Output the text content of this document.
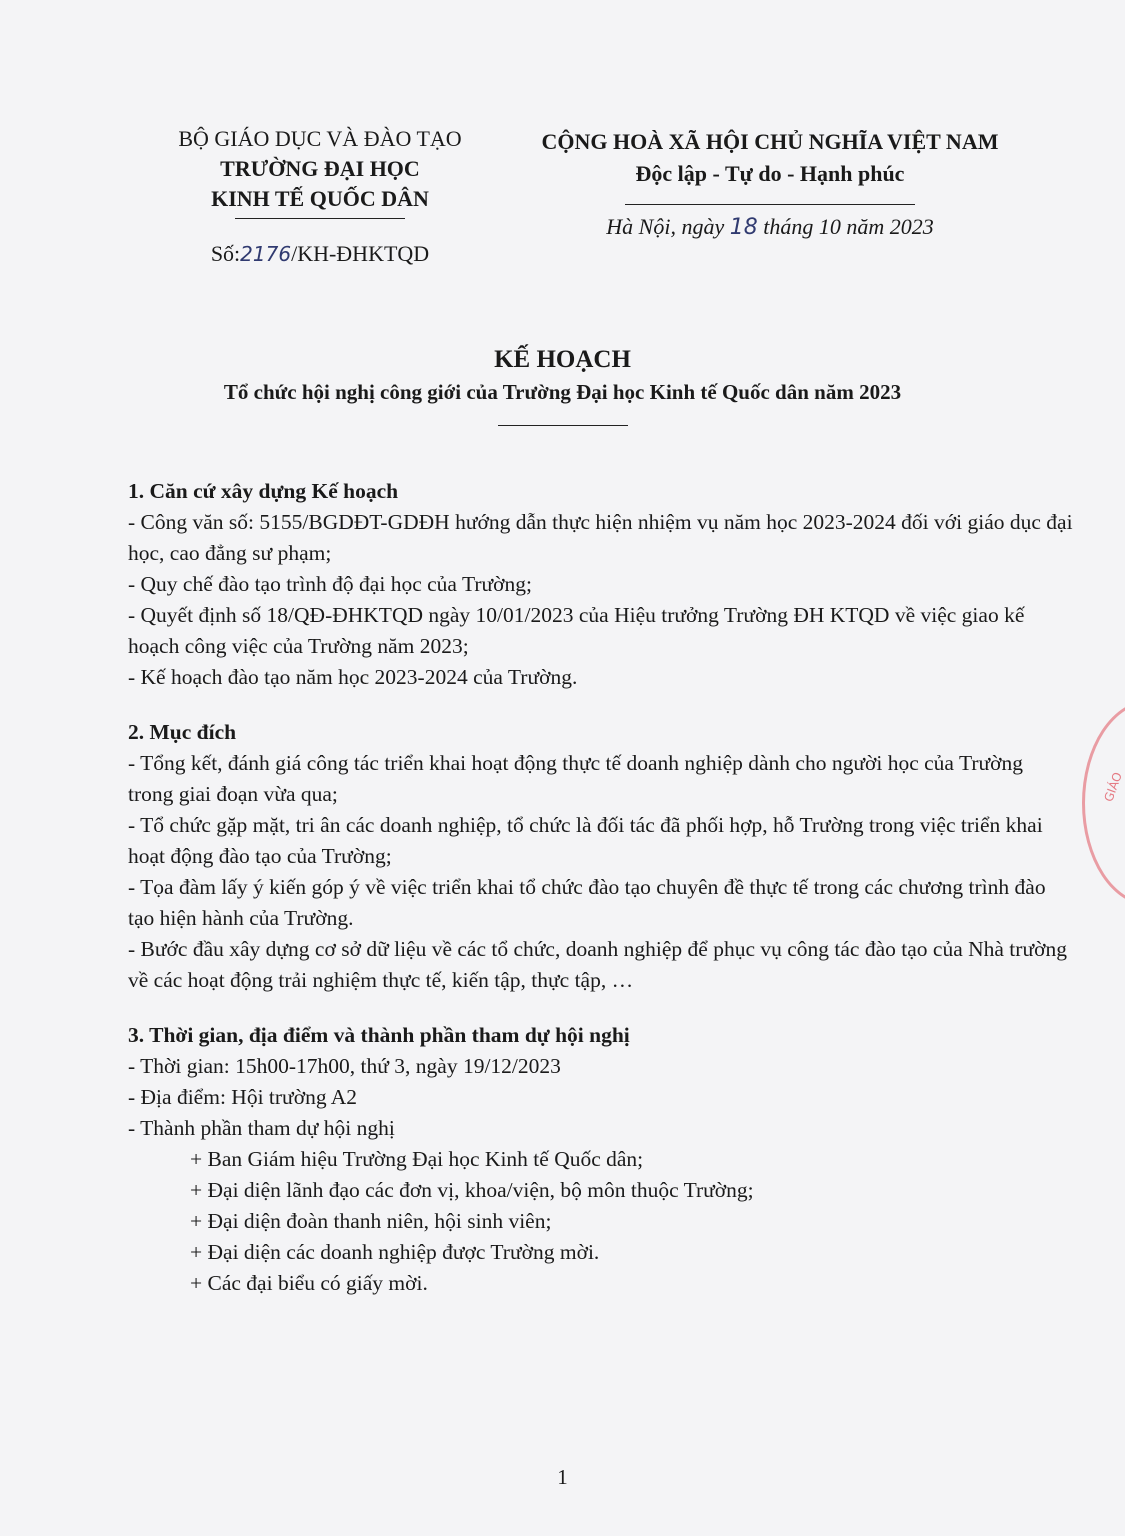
BỘ GIÁO DỤC VÀ ĐÀO TẠO
TRƯỜNG ĐẠI HỌC
KINH TẾ QUỐC DÂN
Số:2176/KH-ĐHKTQD
CỘNG HOÀ XÃ HỘI CHỦ NGHĨA VIỆT NAM
Độc lập - Tự do - Hạnh phúc
Hà Nội, ngày 18 tháng 10 năm 2023
KẾ HOẠCH
Tổ chức hội nghị công giới của Trường Đại học Kinh tế Quốc dân năm 2023
1. Căn cứ xây dựng Kế hoạch
- Công văn số: 5155/BGDĐT-GDĐH hướng dẫn thực hiện nhiệm vụ năm học 2023-2024 đối với giáo dục đại học, cao đẳng sư phạm;
- Quy chế đào tạo trình độ đại học của Trường;
- Quyết định số 18/QĐ-ĐHKTQD ngày 10/01/2023 của Hiệu trưởng Trường ĐH KTQD về việc giao kế hoạch công việc của Trường năm 2023;
- Kế hoạch đào tạo năm học 2023-2024 của Trường.
2. Mục đích
- Tổng kết, đánh giá công tác triển khai hoạt động thực tế doanh nghiệp dành cho người học của Trường trong giai đoạn vừa qua;
- Tổ chức gặp mặt, tri ân các doanh nghiệp, tổ chức là đối tác đã phối hợp, hỗ Trường trong việc triển khai hoạt động đào tạo của Trường;
- Tọa đàm lấy ý kiến góp ý về việc triển khai tổ chức đào tạo chuyên đề thực tế trong các chương trình đào tạo hiện hành của Trường.
- Bước đầu xây dựng cơ sở dữ liệu về các tổ chức, doanh nghiệp để phục vụ công tác đào tạo của Nhà trường về các hoạt động trải nghiệm thực tế, kiến tập, thực tập, …
3. Thời gian, địa điểm và thành phần tham dự hội nghị
- Thời gian: 15h00-17h00, thứ 3, ngày 19/12/2023
- Địa điểm: Hội trường A2
- Thành phần tham dự hội nghị
+ Ban Giám hiệu Trường Đại học Kinh tế Quốc dân;
+ Đại diện lãnh đạo các đơn vị, khoa/viện, bộ môn thuộc Trường;
+ Đại diện đoàn thanh niên, hội sinh viên;
+ Đại diện các doanh nghiệp được Trường mời.
+ Các đại biểu có giấy mời.
GIÁO
1
